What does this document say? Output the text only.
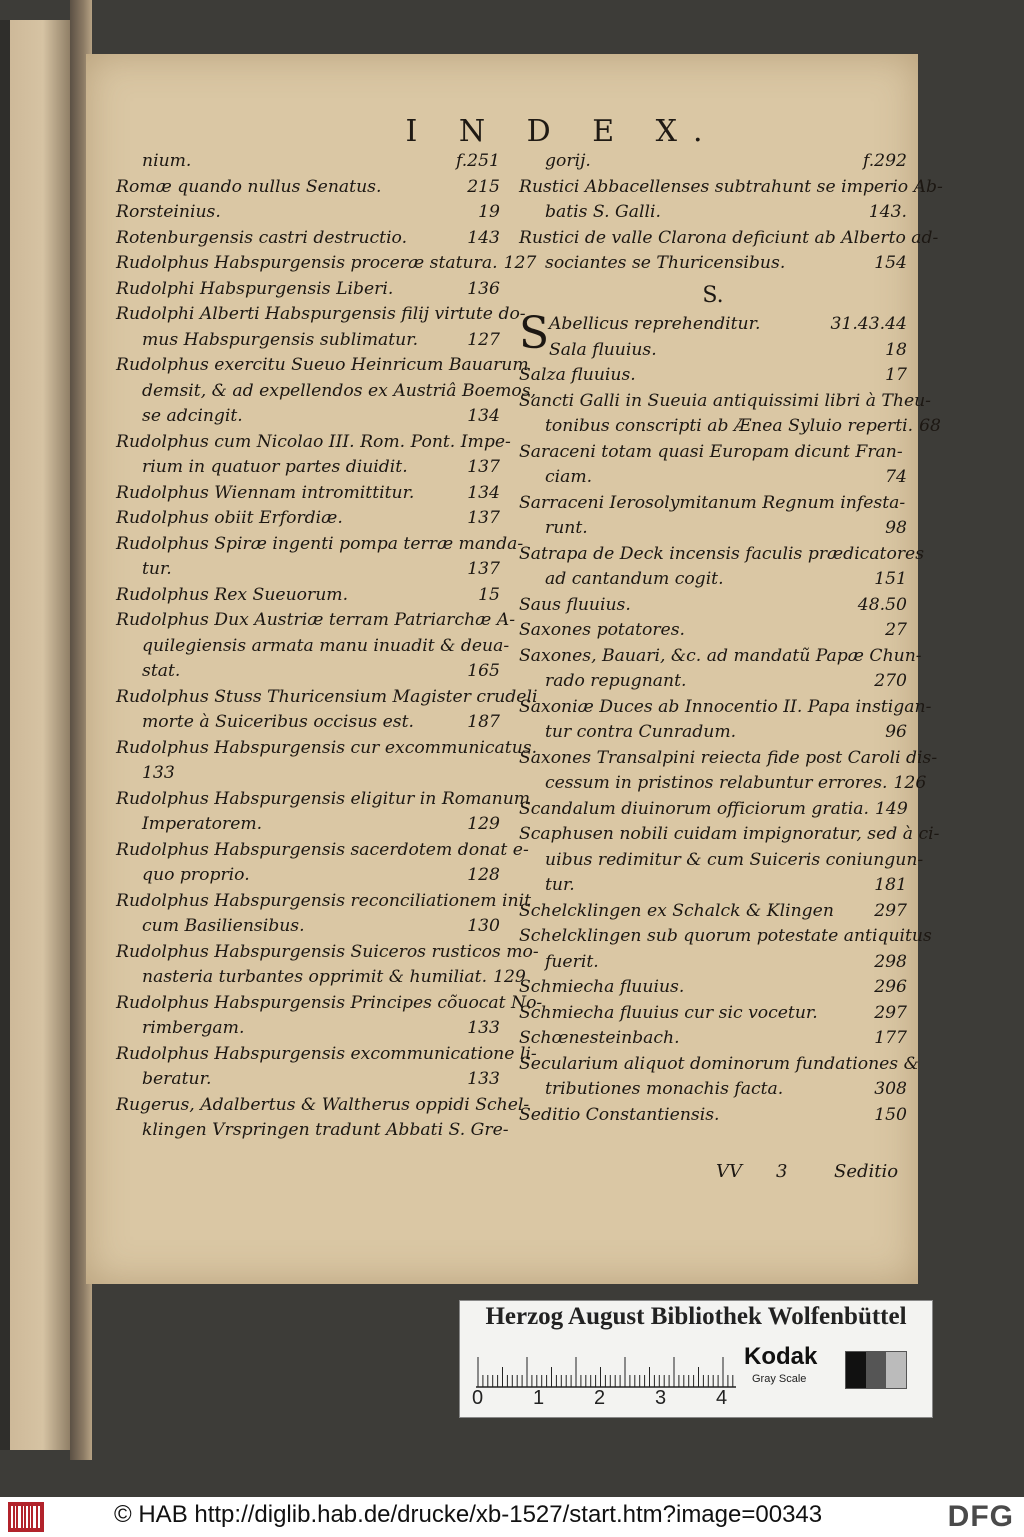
I N D E X.
nium.	f.251
Romæ quando nullus Senatus.	215
Rorsteinius.	19
Rotenburgensis castri destructio.	143
Rudolphus Habspurgensis proceræ statura. 127
Rudolphi Habspurgensis Liberi.	136
Rudolphi Alberti Habspurgensis filij virtute do-
mus Habspurgensis sublimatur.	127
Rudolphus exercitu Sueuo Heinricum Bauarum
demsit, & ad expellendos ex Austriâ Boemos,
se adcingit.	134
Rudolphus cum Nicolao III. Rom. Pont. Impe-
rium in quatuor partes diuidit.	137
Rudolphus Wiennam intromittitur.	134
Rudolphus obiit Erfordiæ.	137
Rudolphus Spiræ ingenti pompa terræ manda-
tur.	137
Rudolphus Rex Sueuorum.	15
Rudolphus Dux Austriæ terram Patriarchæ A-
quilegiensis armata manu inuadit & deua-
stat.	165
Rudolphus Stuss Thuricensium Magister crudeli
morte à Suiceribus occisus est.	187
Rudolphus Habspurgensis cur excommunicatus.
133
Rudolphus Habspurgensis eligitur in Romanum
Imperatorem.	129
Rudolphus Habspurgensis sacerdotem donat e-
quo proprio.	128
Rudolphus Habspurgensis reconciliationem init
cum Basiliensibus.	130
Rudolphus Habspurgensis Suiceros rusticos mo-
nasteria turbantes opprimit & humiliat. 129
Rudolphus Habspurgensis Principes cõuocat No-
rimbergam.	133
Rudolphus Habspurgensis excommunicatione li-
beratur.	133
Rugerus, Adalbertus & Waltherus oppidi Schel-
klingen Vrspringen tradunt Abbati S. Gre-
gorij.	f.292
Rustici Abbacellenses subtrahunt se imperio Ab-
batis S. Galli.	143.
Rustici de valle Clarona deficiunt ab Alberto ad-
sociantes se Thuricensibus.	154
S.
S Abellicus reprehenditur.	31.43.44
Sala fluuius.	18
Salza fluuius.	17
Sancti Galli in Sueuia antiquissimi libri à Theu-
tonibus conscripti ab Æneа Syluio reperti. 68
Saraceni totam quasi Europam dicunt Fran-
ciam.	74
Sarraceni Ierosolymitanum Regnum infesta-
runt.	98
Satrapa de Deck incensis faculis prædicatores
ad cantandum cogit.	151
Saus fluuius.	48.50
Saxones potatores.	27
Saxones, Bauari, &c. ad mandatũ Papæ Chun-
rado repugnant.	270
Saxoniæ Duces ab Innocentio II. Papa instigan-
tur contra Cunradum.	96
Saxones Transalpini reiecta fide post Caroli dis-
cessum in pristinos relabuntur errores. 126
Scandalum diuinorum officiorum gratia. 149
Scaphusen nobili cuidam impignoratur, sed à ci-
uibus redimitur & cum Suiceris coniungun-
tur.	181
Schelcklingen ex Schalck & Klingen	297
Schelcklingen sub quorum potestate antiquitus
fuerit.	298
Schmiecha fluuius.	296
Schmiecha fluuius cur sic vocetur.	297
Schœnesteinbach.	177
Secularium aliquot dominorum fundationes &
tributiones monachis facta.	308
Seditio Constantiensis.	150
VV 3	Seditio
Herzog August Bibliothek Wolfenbüttel
0 1 2 3 4
Kodak
Gray Scale
© HAB http://diglib.hab.de/drucke/xb-1527/start.htm?image=00343	DFG
